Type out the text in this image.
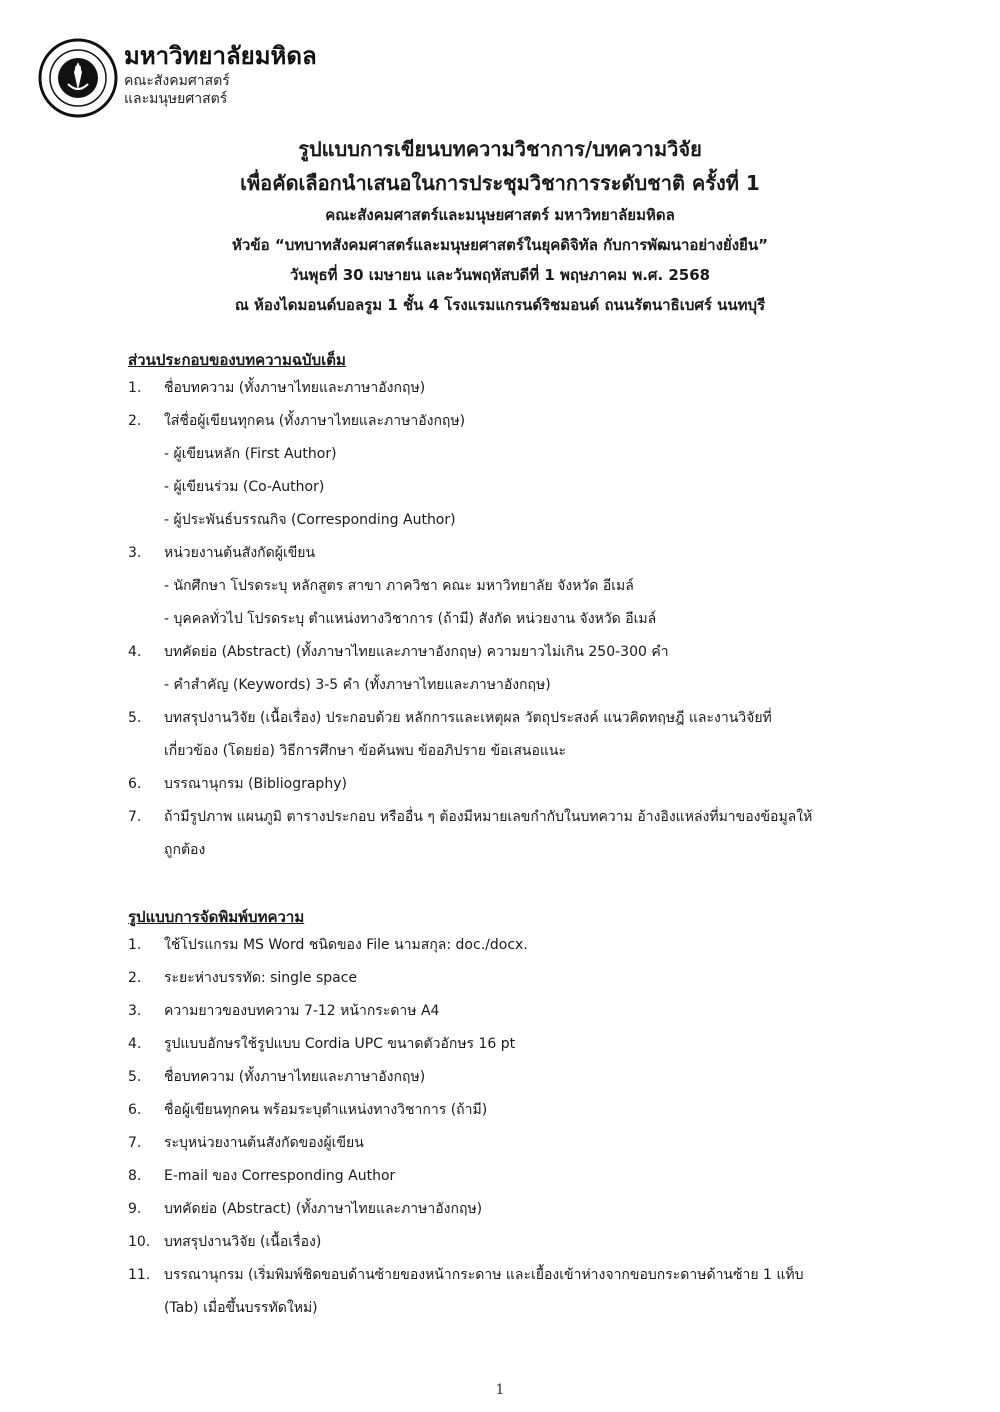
มหาวิทยาลัยมหิดล
คณะสังคมศาสตร์
และมนุษยศาสตร์
รูปแบบการเขียนบทความวิชาการ/บทความวิจัย
เพื่อคัดเลือกนำเสนอในการประชุมวิชาการระดับชาติ ครั้งที่ 1
คณะสังคมศาสตร์และมนุษยศาสตร์ มหาวิทยาลัยมหิดล
หัวข้อ “บทบาทสังคมศาสตร์และมนุษยศาสตร์ในยุคดิจิทัล กับการพัฒนาอย่างยั่งยืน”
วันพุธที่ 30 เมษายน และวันพฤหัสบดีที่ 1 พฤษภาคม พ.ศ. 2568
ณ ห้องไดมอนด์บอลรูม 1 ชั้น 4 โรงแรมแกรนด์ริชมอนด์ ถนนรัตนาธิเบศร์ นนทบุรี
ส่วนประกอบของบทความฉบับเต็ม
1.	ชื่อบทความ (ทั้งภาษาไทยและภาษาอังกฤษ)
2.	ใส่ชื่อผู้เขียนทุกคน (ทั้งภาษาไทยและภาษาอังกฤษ)
- ผู้เขียนหลัก (First Author)
- ผู้เขียนร่วม (Co-Author)
- ผู้ประพันธ์บรรณกิจ (Corresponding Author)
3.	หน่วยงานต้นสังกัดผู้เขียน
- นักศึกษา โปรดระบุ หลักสูตร สาขา ภาควิชา คณะ มหาวิทยาลัย จังหวัด อีเมล์
- บุคคลทั่วไป โปรดระบุ ตำแหน่งทางวิชาการ (ถ้ามี) สังกัด หน่วยงาน จังหวัด อีเมล์
4.	บทคัดย่อ (Abstract) (ทั้งภาษาไทยและภาษาอังกฤษ) ความยาวไม่เกิน 250-300 คำ
- คำสำคัญ (Keywords) 3-5 คำ (ทั้งภาษาไทยและภาษาอังกฤษ)
5.	บทสรุปงานวิจัย (เนื้อเรื่อง) ประกอบด้วย หลักการและเหตุผล วัตถุประสงค์ แนวคิดทฤษฎี และงานวิจัยที่
เกี่ยวข้อง (โดยย่อ) วิธีการศึกษา ข้อค้นพบ ข้ออภิปราย ข้อเสนอแนะ
6.	บรรณานุกรม (Bibliography)
7.	ถ้ามีรูปภาพ แผนภูมิ ตารางประกอบ หรืออื่น ๆ ต้องมีหมายเลขกำกับในบทความ อ้างอิงแหล่งที่มาของข้อมูลให้
ถูกต้อง
รูปแบบการจัดพิมพ์บทความ
1.	ใช้โปรแกรม MS Word ชนิดของ File นามสกุล: doc./docx.
2.	ระยะห่างบรรทัด: single space
3.	ความยาวของบทความ 7-12 หน้ากระดาษ A4
4.	รูปแบบอักษรใช้รูปแบบ Cordia UPC ขนาดตัวอักษร 16 pt
5.	ชื่อบทความ (ทั้งภาษาไทยและภาษาอังกฤษ)
6.	ชื่อผู้เขียนทุกคน พร้อมระบุตำแหน่งทางวิชาการ (ถ้ามี)
7.	ระบุหน่วยงานต้นสังกัดของผู้เขียน
8.	E-mail ของ Corresponding Author
9.	บทคัดย่อ (Abstract) (ทั้งภาษาไทยและภาษาอังกฤษ)
10. บทสรุปงานวิจัย (เนื้อเรื่อง)
11. บรรณานุกรม (เริ่มพิมพ์ชิดขอบด้านซ้ายของหน้ากระดาษ และเยื้องเข้าห่างจากขอบกระดาษด้านซ้าย 1 แท็บ
(Tab) เมื่อขึ้นบรรทัดใหม่)
1
